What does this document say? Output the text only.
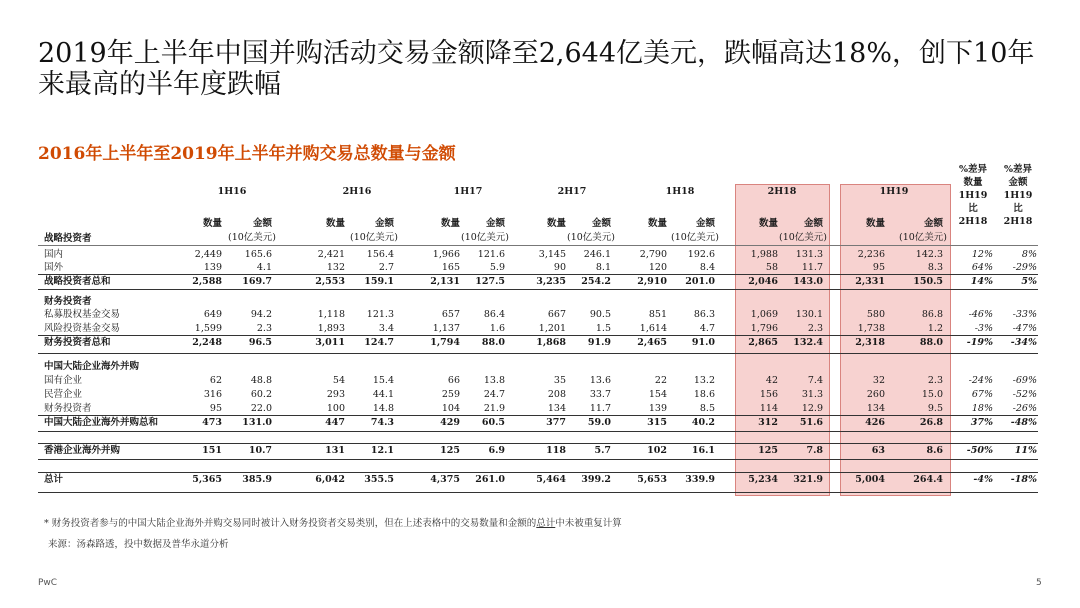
2019年上半年中国并购活动交易金额降至2,644亿美元，跌幅高达18%，创下10年来最高的半年度跌幅
2016年上半年至2019年上半年并购交易总数量与金额
1H16
数量	金额
(10亿美元)
2H16
数量	金额
(10亿美元)
1H17
数量	金额
(10亿美元)
2H17
数量	金额
(10亿美元)
1H18
数量	金额
(10亿美元)
2H18
数量	金额
(10亿美元)
1H19
数量	金额
(10亿美元)
%差异
数量
1H19
比
2H18
%差异
金额
1H19
比
2H18
战略投资者
国内	2,449	165.6	2,421	156.4	1,966	121.6	3,145	246.1	2,790	192.6	1,988	131.3	2,236	142.3	12%	8%
国外	139	4.1	132	2.7	165	5.9	90	8.1	120	8.4	58	11.7	95	8.3	64%	-29%
战略投资者总和	2,588	169.7	2,553	159.1	2,131	127.5	3,235	254.2	2,910	201.0	2,046	143.0	2,331	150.5	14%	5%
财务投资者
私募股权基金交易	649	94.2	1,118	121.3	657	86.4	667	90.5	851	86.3	1,069	130.1	580	86.8	-46%	-33%
风险投资基金交易	1,599	2.3	1,893	3.4	1,137	1.6	1,201	1.5	1,614	4.7	1,796	2.3	1,738	1.2	-3%	-47%
财务投资者总和	2,248	96.5	3,011	124.7	1,794	88.0	1,868	91.9	2,465	91.0	2,865	132.4	2,318	88.0	-19%	-34%
中国大陆企业海外并购
国有企业	62	48.8	54	15.4	66	13.8	35	13.6	22	13.2	42	7.4	32	2.3	-24%	-69%
民营企业	316	60.2	293	44.1	259	24.7	208	33.7	154	18.6	156	31.3	260	15.0	67%	-52%
财务投资者	95	22.0	100	14.8	104	21.9	134	11.7	139	8.5	114	12.9	134	9.5	18%	-26%
中国大陆企业海外并购总和	473	131.0	447	74.3	429	60.5	377	59.0	315	40.2	312	51.6	426	26.8	37%	-48%
香港企业海外并购	151	10.7	131	12.1	125	6.9	118	5.7	102	16.1	125	7.8	63	8.6	-50%	11%
总计	5,365	385.9	6,042	355.5	4,375	261.0	5,464	399.2	5,653	339.9	5,234	321.9	5,004	264.4	-4%	-18%
* 财务投资者参与的中国大陆企业海外并购交易同时被计入财务投资者交易类别，但在上述表格中的交易数量和金额的总计中未被重复计算
来源：汤森路透，投中数据及普华永道分析
PwC	5
